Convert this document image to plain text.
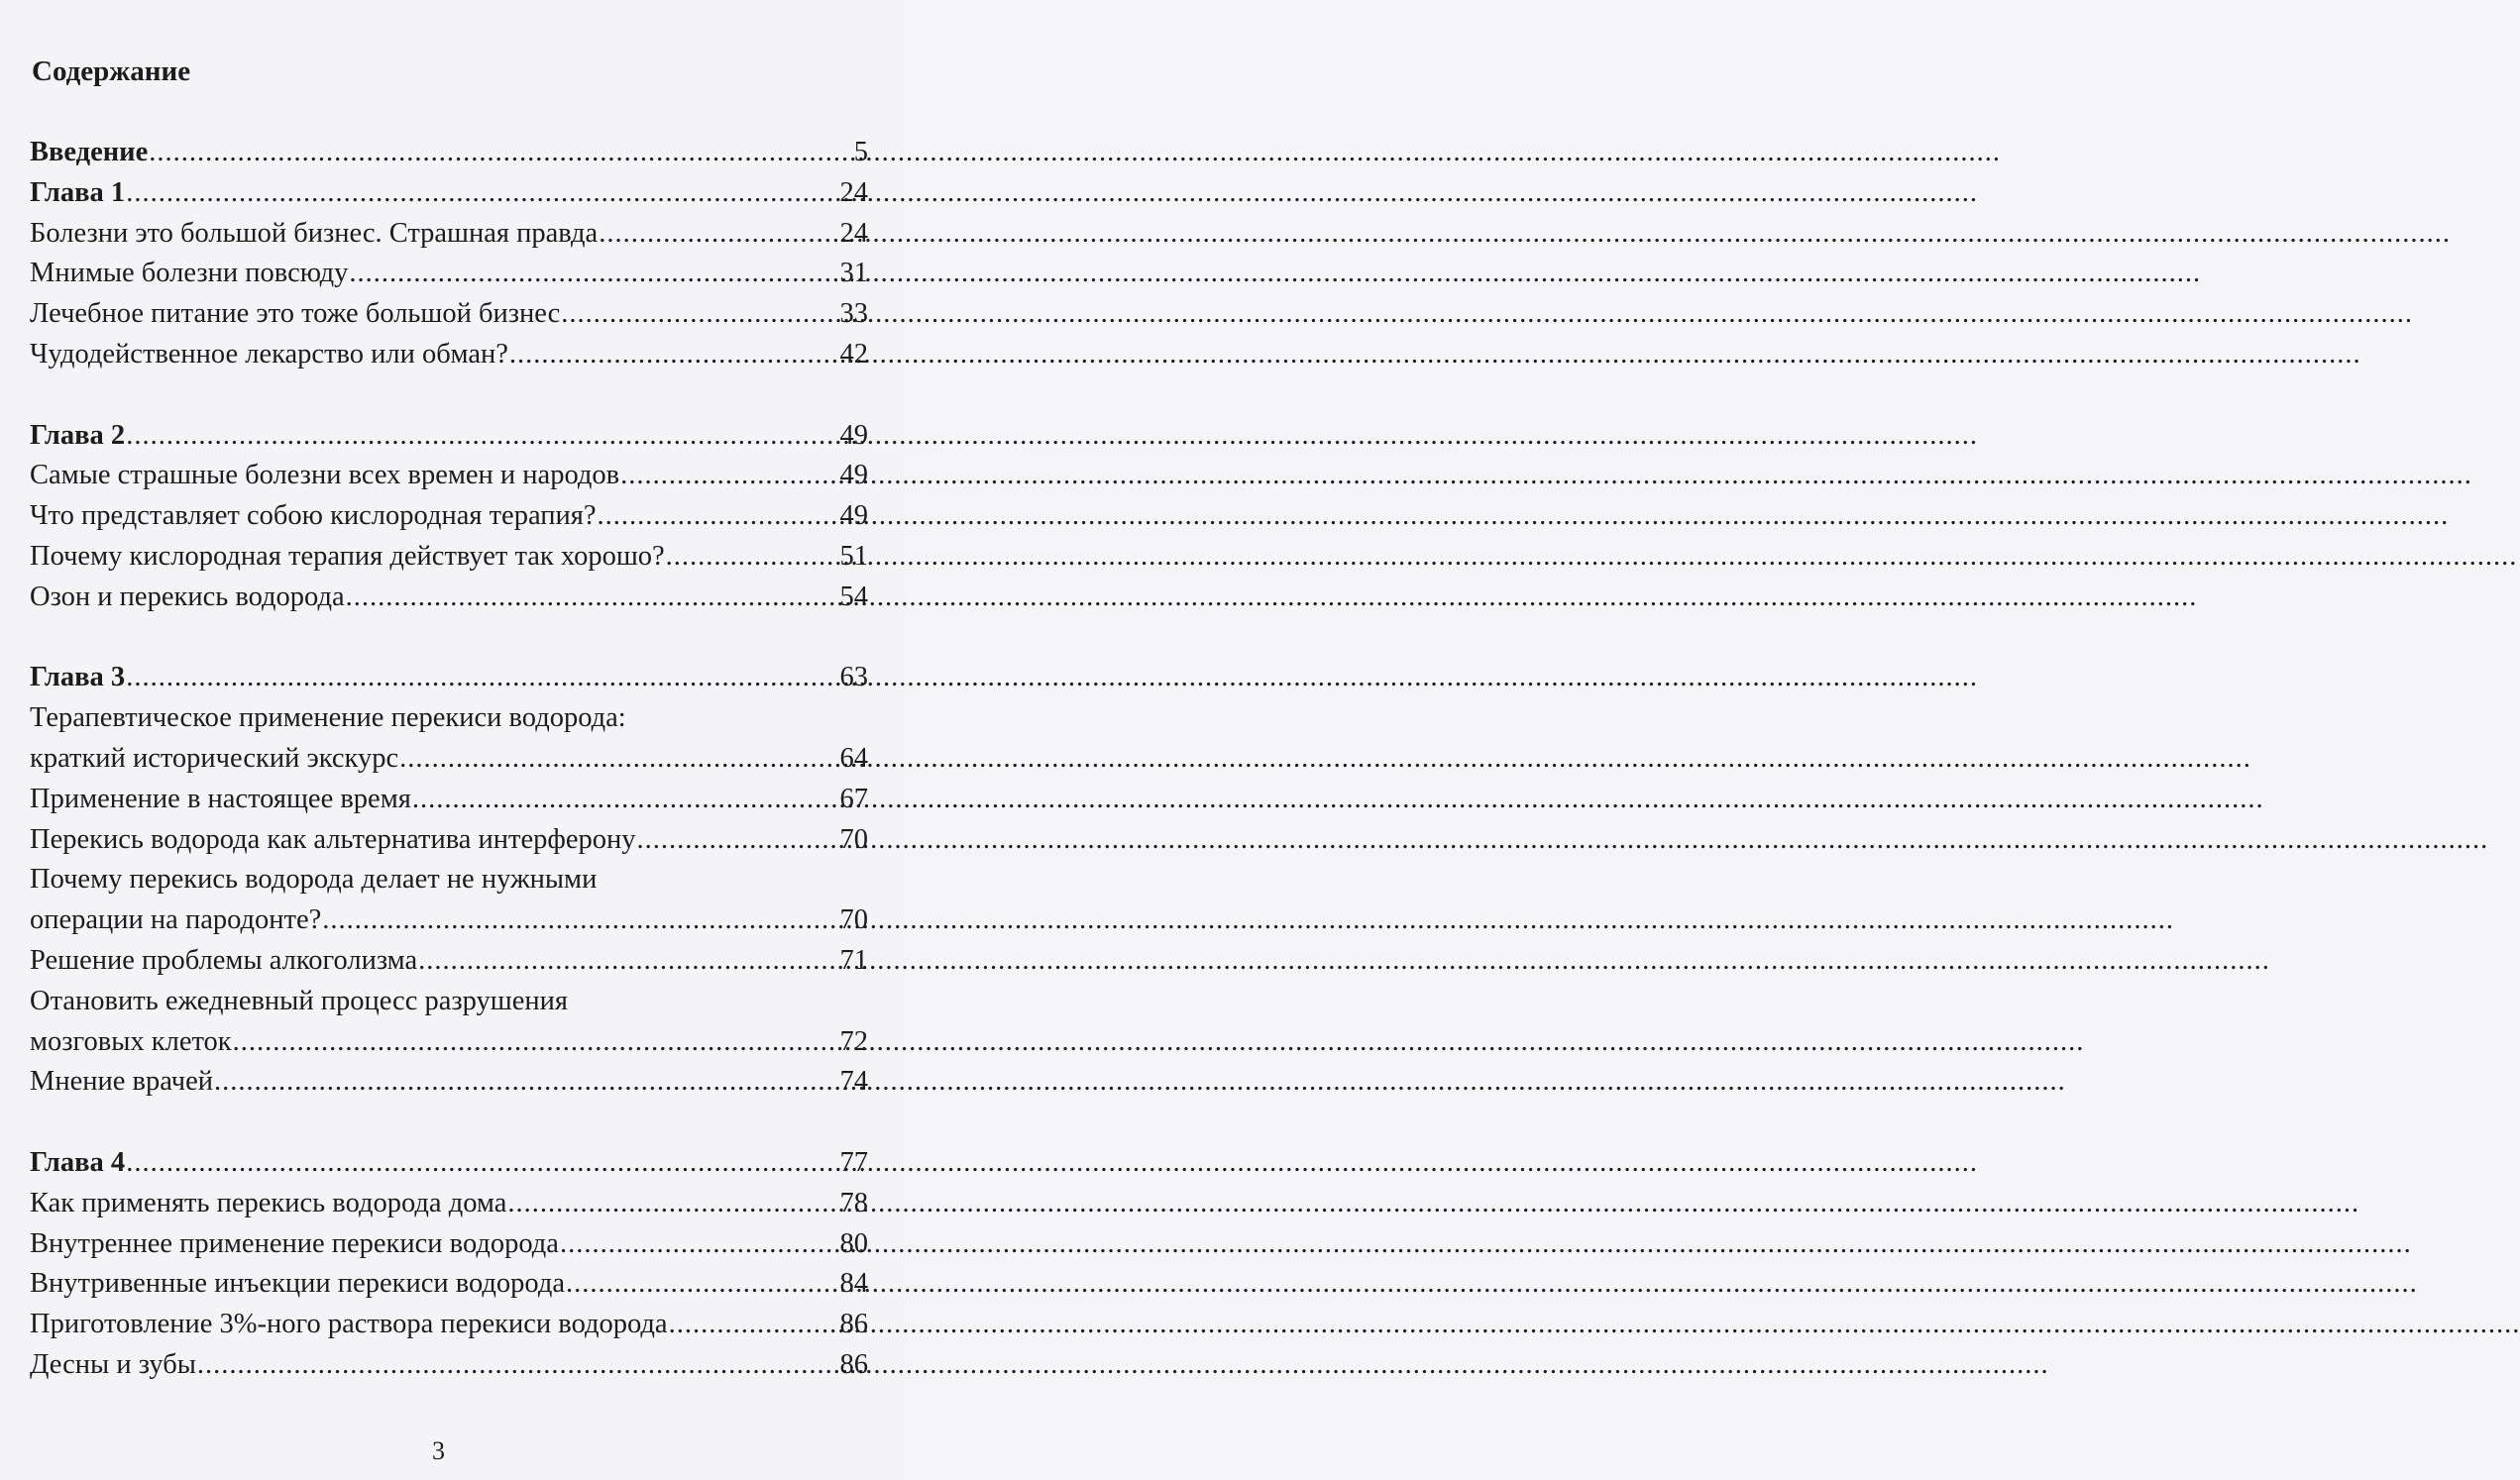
Содержание
Введение .....	5
Глава 1 .....	24
Болезни это большой бизнес. Страшная правда .....	24
Мнимые болезни повсюду .....	31
Лечебное питание это тоже большой бизнес .....	33
Чудодейственное лекарство или обман? .....	42
Глава 2 .....	49
Самые страшные болезни всех времен и народов .....	49
Что представляет собою кислородная терапия? .....	49
Почему кислородная терапия действует так хорошо? .....	51
Озон и перекись водорода .....	54
Глава 3 .....	63
Терапевтическое применение перекиси водорода:
краткий исторический экскурс .....	64
Применение в настоящее время .....	67
Перекись водорода как альтернатива интерферону .....	70
Почему перекись водорода делает не нужными
операции на пародонте? .....	70
Решение проблемы алкоголизма .....	71
Отановить ежедневный процесс разрушения
мозговых клеток .....	72
Мнение врачей .....	74
Глава 4 .....	77
Как применять перекись водорода дома .....	78
Внутреннее применение перекиси водорода .....	80
Внутривенные инъекции перекиси водорода .....	84
Приготовление 3%-ного раствора перекиси водорода .....	86
Десны и зубы .....	86
3
